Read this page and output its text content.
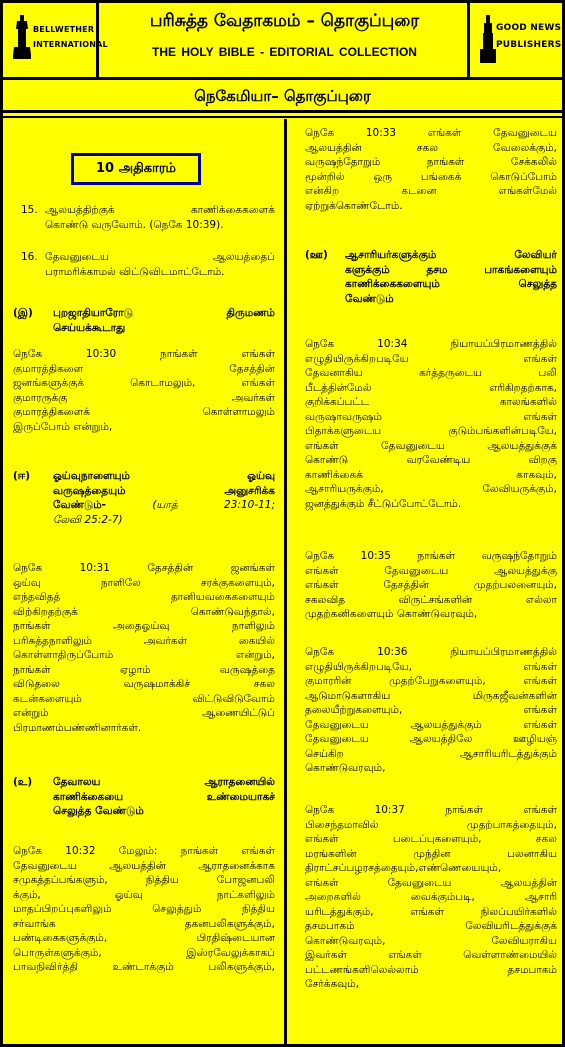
BELLWETHER
INTERNATIONAL
பரிசுத்த வேதாகமம் – தொகுப்புரை
THE HOLY BIBLE - EDITORIAL COLLECTION
GOOD NEWS
PUBLISHERS
நெகேமியா– தொகுப்புரை
10 அதிகாரம்
15. ஆலயத்திற்குக் காணிக்கைகளைக்
கொண்டு வருவோம். (நெகே 10:39).
16. தேவனுடைய ஆலயத்தைப்
பராமரிக்காமல் விட்டுவிடமாட்டோம்.
(இ)	புறஜாதியாரோடு திருமணம்
செய்யக்கூடாது
நெகே 10:30 நாங்கள் எங்கள்
குமாரத்திகளை தேசத்தின்
ஜனங்களுக்குக் கொடாமலும், எங்கள்
குமாரருக்கு அவர்கள்
குமாரத்திகளைக் கொள்ளாமலும்
இருப்போம் என்றும்,
(ஈ)	ஓய்வுநாளையும் ஓய்வு
வருஷத்தையும் அனுசரிக்க
வேண்டும்- (யாத் 23:10-11;
லேவி 25:2-7)
நெகே 10:31 தேசத்தின் ஜனங்கள்
ஒய்வு நாளிலே சரக்குகளையும்,
எந்தவிதத் தானியவகைகளையும்
விற்கிறதற்குக் கொண்டுவந்தால்,
நாங்கள் அதைஓய்வு நாளிலும்
பரிசுத்தநாளிலும் அவர்கள் கையில்
கொள்ளாதிருப்போம் என்றும்,
நாங்கள் ஏழாம் வருஷத்தை
விடுதலை வருஷமாக்கிச் சகல
கடன்களையும் விட்டுவிடுவோம்
என்றும் ஆணையிட்டுப்
பிரமாணம்பண்ணினார்கள்.
(உ)	தேவாலய ஆராதனையில்
காணிக்கையை உண்மையாகச்
செலுத்த வேண்டும்
நெகே 10:32 மேலும்: நாங்கள் எங்கள்
தேவனுடைய ஆலயத்தின் ஆராதனைக்காக
சமுகத்தப்பங்களும், நித்திய போஜனபலி
க்கும், ஓய்வு நாட்களிலும்
மாதப்பிறப்புகளிலும் செலுத்தும் நித்திய
சர்வாங்க தகனபலிகளுக்கும்,
பண்டிகைகளுக்கும், பிரதிஷ்டையான
பொருள்களுக்கும், இஸ்ரவேலுக்காகப்
பாவநிவிர்த்தி உண்டாக்கும் பலிகளுக்கும்,
நெகே 10:33 எங்கள் தேவனுடைய
ஆலயத்தின் சகல வேலைக்கும்,
வருஷந்தோறும் நாங்கள் சேக்கலில்
மூன்றில் ஒரு பங்கைக் கொடுப்போம்
என்கிற கடனை எங்கள்மேல்
ஏற்றுக்கொண்டோம்.
(ஊ)	ஆசாரியர்களுக்கும் லேவியர்
களுக்கும் தசம பாகங்களையும்
காணிக்கைகளையும் செலுத்த
வேண்டும்
நெகே 10:34 நியாயப்பிரமாணத்தில்
எழுதியிருக்கிறபடியே எங்கள்
தேவனாகிய கர்த்தருடைய பலி
பீடத்தின்மேல் எரிகிறதற்காக,
குறிக்கப்பட்ட காலங்களில்
வருஷாவருஷம் எங்கள்
பிதாக்களுடைய குடும்பங்களின்படியே,
எங்கள் தேவனுடைய ஆலயத்துக்குக்
கொண்டு வரவேண்டிய விறகு
காணிக்கைக் காகவும்,
ஆசாரியருக்கும், லேவியருக்கும்,
ஜனத்துக்கும் சீட்டுப்போட்டோம்.
நெகே 10:35 நாங்கள் வருஷந்தோறும்
எங்கள் தேவனுடைய ஆலயத்துக்கு
எங்கள் தேசத்தின் முதற்பலனையும்,
சகலவித விருட்சங்களின் எல்லா
முதற்கனிகளையும் கொண்டுவரவும்,
நெகே 10:36 நியாயப்பிரமாணத்தில்
எழுதியிருக்கிறபடியே, எங்கள்
குமாரரின் முதற்பேறுகளையும், எங்கள்
ஆடுமாடுகளாகிய மிருகஜீவன்களின்
தலையீற்றுகளையும், எங்கள்
தேவனுடைய ஆலயத்துக்கும் எங்கள்
தேவனுடைய ஆலயத்திலே ஊழியஞ்
செய்கிற ஆசாரியரிடத்துக்கும்
கொண்டுவரவும்,
நெகே 10:37 நாங்கள் எங்கள்
பிசைந்தமாவில் முதற்பாகத்தையும்,
எங்கள் படைப்புகளையும், சகல
மரங்களின் முந்தின பலனாகிய
திராட்சப்பழரசத்தையும்,எண்ணெயையும்,
எங்கள் தேவனுடைய ஆலயத்தின்
அறைகளில் வைக்கும்படி, ஆசாரி
யரிடத்துக்கும், எங்கள் நிலப்பயிர்களில்
தசமபாகம் லேவியரிடத்துக்குக்
கொண்டுவரவும், லேவியராகிய
இவர்கள் எங்கள் வெள்ளாண்மையில்
பட்டணங்களிலெல்லாம் தசமபாகம்
சேர்க்கவும்,
